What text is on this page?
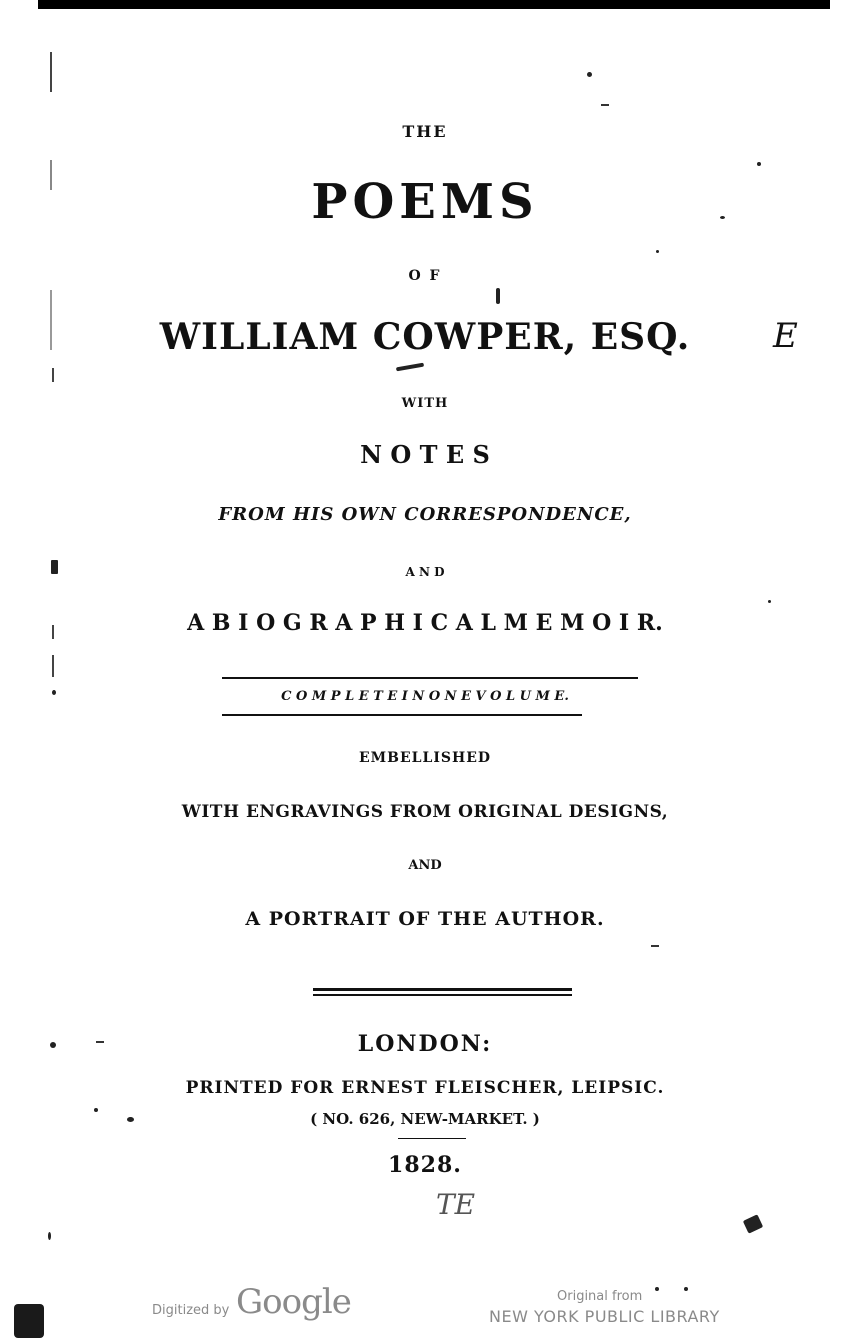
E
THE
POEMS
O F
WILLIAM COWPER, ESQ.
WITH
N O T E S
FROM HIS OWN CORRESPONDENCE,
A N D
A B I O G R A P H I C A L M E M O I R.
C O M P L E T E I N O N E V O L U M E.
EMBELLISHED
WITH ENGRAVINGS FROM ORIGINAL DESIGNS,
AND
A PORTRAIT OF THE AUTHOR.
LONDON:
PRINTED FOR ERNEST FLEISCHER, LEIPSIC.
( NO. 626, NEW-MARKET. )
1828.
TE
Digitized by Google	Original from
NEW YORK PUBLIC LIBRARY
